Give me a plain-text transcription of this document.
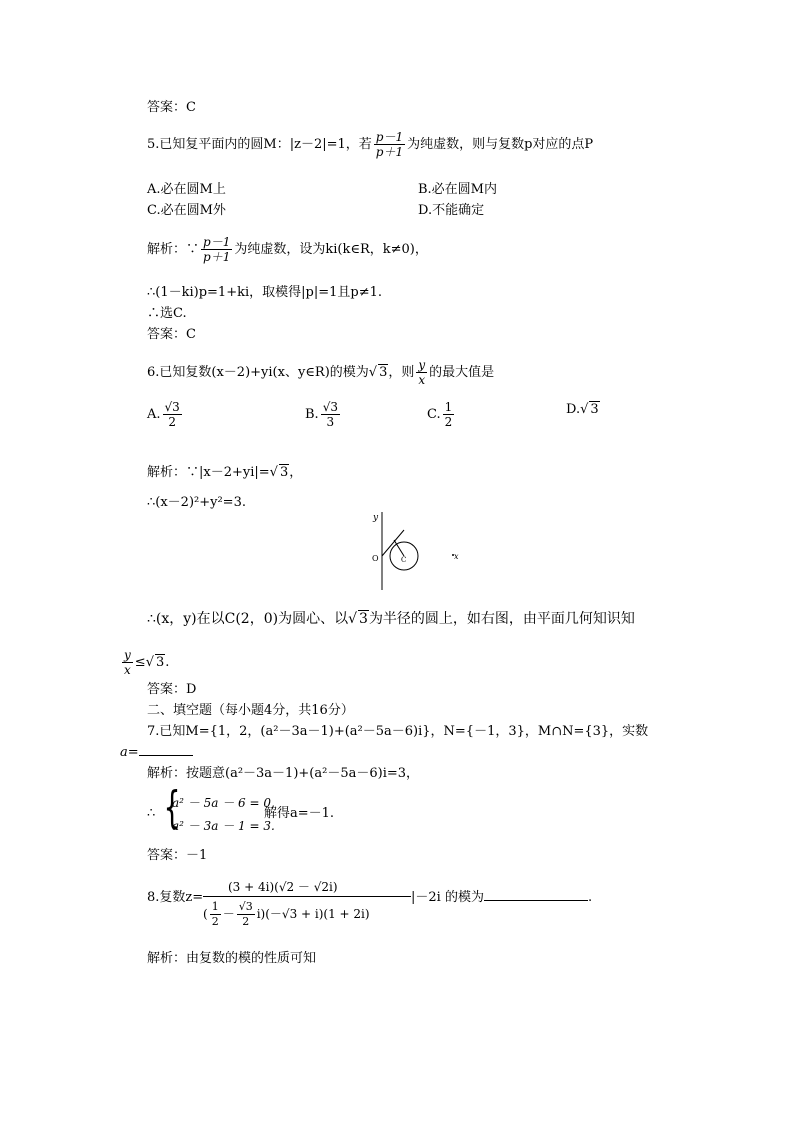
答案：C
5.已知复平面内的圆M：|z－2|=1，若 $\frac{p-1}{p+1}$ 为纯虚数，则与复数p对应的点P
A.必在圆M上	B.必在圆M内
C.必在圆M外	D.不能确定
解析：∵ $\frac{p-1}{p+1}$ 为纯虚数，设为ki(k∈R，k≠0)，
∴(1－ki)p=1+ki，取模得|p|=1且p≠1.
∴选C.
答案：C
6.已知复数(x－2)+yi(x、y∈R)的模为√ 3，则 $\frac{y}{x}$ 的最大值是
A. $\frac{√3}{2}$	B. $\frac{√3}{3}$	C. $\frac{1}{2}$	D.√ 3
解析：∵|x－2+yi|=√ 3，
∴(x－2)²+y²=3.
y
O	C	x
∴(x，y)在以C(2，0)为圆心、以√ 3为半径的圆上，如右图，由平面几何知识知
$\frac{y}{x}$ ≤√ 3.
答案：D
二、填空题（每小题4分，共16分）
7.已知M={1，2，(a²－3a－1)+(a²－5a－6)i}，N={－1，3}，M∩N={3}，实数
a=
解析：按题意(a²－3a－1)+(a²－5a－6)i=3，
∴ {
a² － 5a － 6 = 0,
a² － 3a － 1 = 3.
解得a=－1.
答案：－1
8.复数z=
(3 + 4i)(√2 － √2i)
( $\frac{1}{2} - \frac{√3}{2} i)(-√3 + i)(1 + 2i)$
|－2i 的模为	.
解析：由复数的模的性质可知
